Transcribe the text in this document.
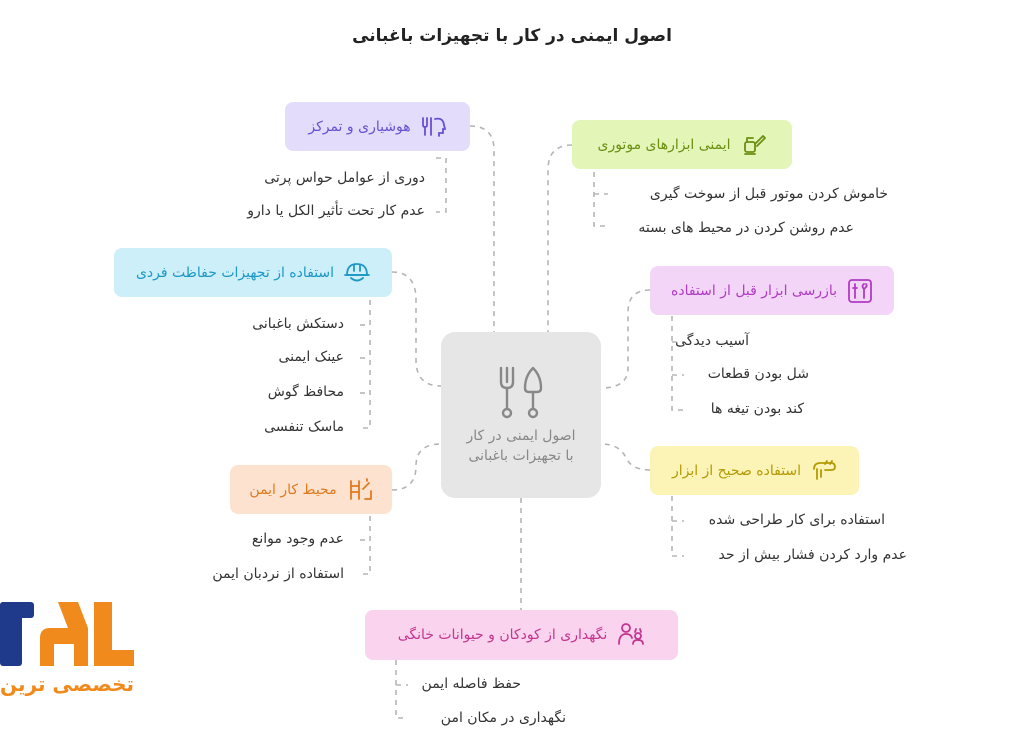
اصول ایمنی در کار با تجهیزات باغبانی
اصول ایمنی در کار با تجهیزات باغبانی
هوشیاری و تمرکز
دوری از عوامل حواس پرتی
عدم کار تحت تأثیر الکل یا دارو
ایمنی ابزارهای موتوری
خاموش کردن موتور قبل از سوخت گیری
عدم روشن کردن در محیط های بسته
استفاده از تجهیزات حفاظت فردی
دستکش باغبانی
عینک ایمنی
محافظ گوش
ماسک تنفسی
بازرسی ابزار قبل از استفاده
آسیب دیدگی
شل بودن قطعات
کند بودن تیغه ها
محیط کار ایمن
عدم وجود موانع
استفاده از نردبان ایمن
استفاده صحیح از ابزار
استفاده برای کار طراحی شده
عدم وارد کردن فشار بیش از حد
نگهداری از کودکان و حیوانات خانگی
حفظ فاصله ایمن
نگهداری در مکان امن
تخصصی ترین
